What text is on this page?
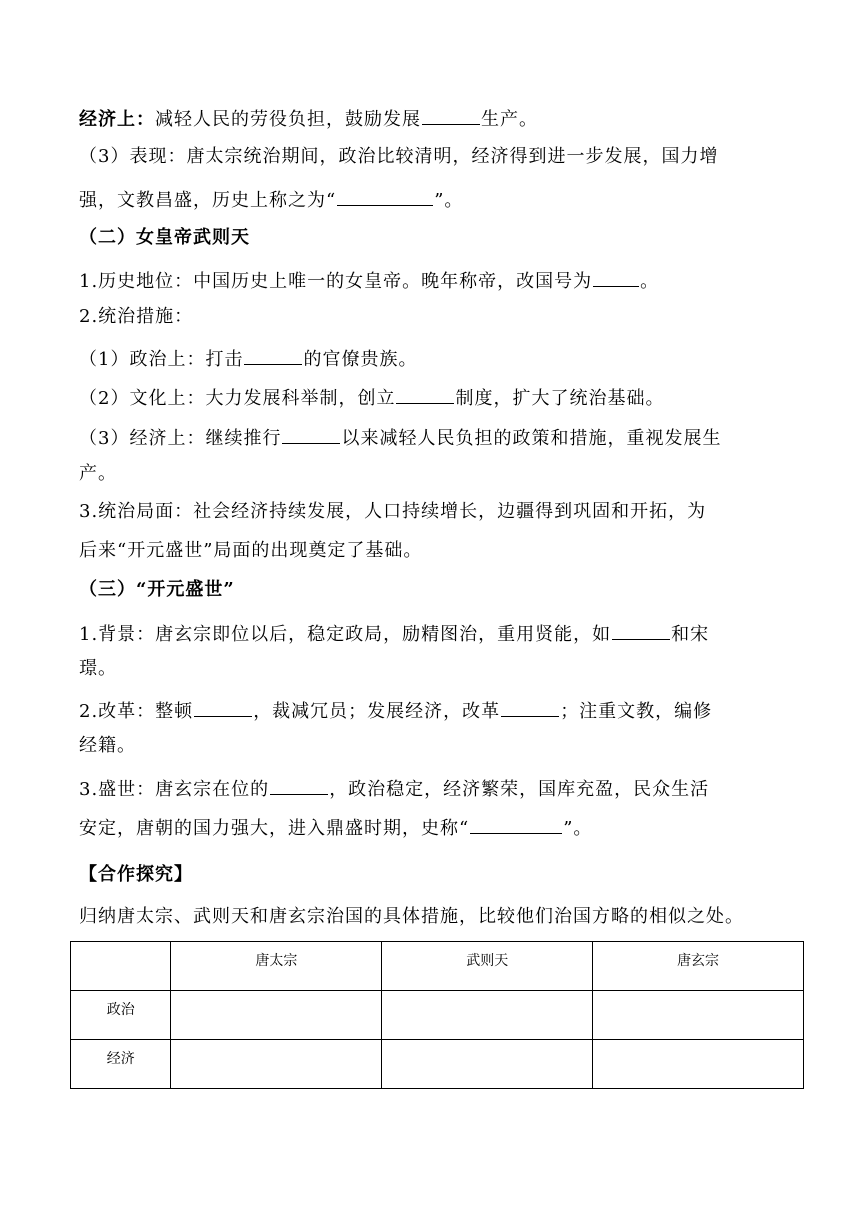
经济上：减轻人民的劳役负担，鼓励发展	生产。

（3）表现：唐太宗统治期间，政治比较清明，经济得到进一步发展，国力增

强，文教昌盛，历史上称之为“	”。

（二）女皇帝武则天

1.历史地位：中国历史上唯一的女皇帝。晚年称帝，改国号为	。

2.统治措施：

（1）政治上：打击	的官僚贵族。

（2）文化上：大力发展科举制，创立	制度，扩大了统治基础。

（3）经济上：继续推行	以来减轻人民负担的政策和措施，重视发展生

产。

3.统治局面：社会经济持续发展，人口持续增长，边疆得到巩固和开拓，为

后来“开元盛世”局面的出现奠定了基础。

（三）“开元盛世”

1.背景：唐玄宗即位以后，稳定政局，励精图治，重用贤能，如	和宋

璟。

2.改革：整顿	，裁减冗员；发展经济，改革	；注重文教，编修

经籍。

3.盛世：唐玄宗在位的	，政治稳定，经济繁荣，国库充盈，民众生活

安定，唐朝的国力强大，进入鼎盛时期，史称“	”。

【合作探究】

归纳唐太宗、武则天和唐玄宗治国的具体措施，比较他们治国方略的相似之处。

	唐太宗	武则天	唐玄宗
政治			
经济			
